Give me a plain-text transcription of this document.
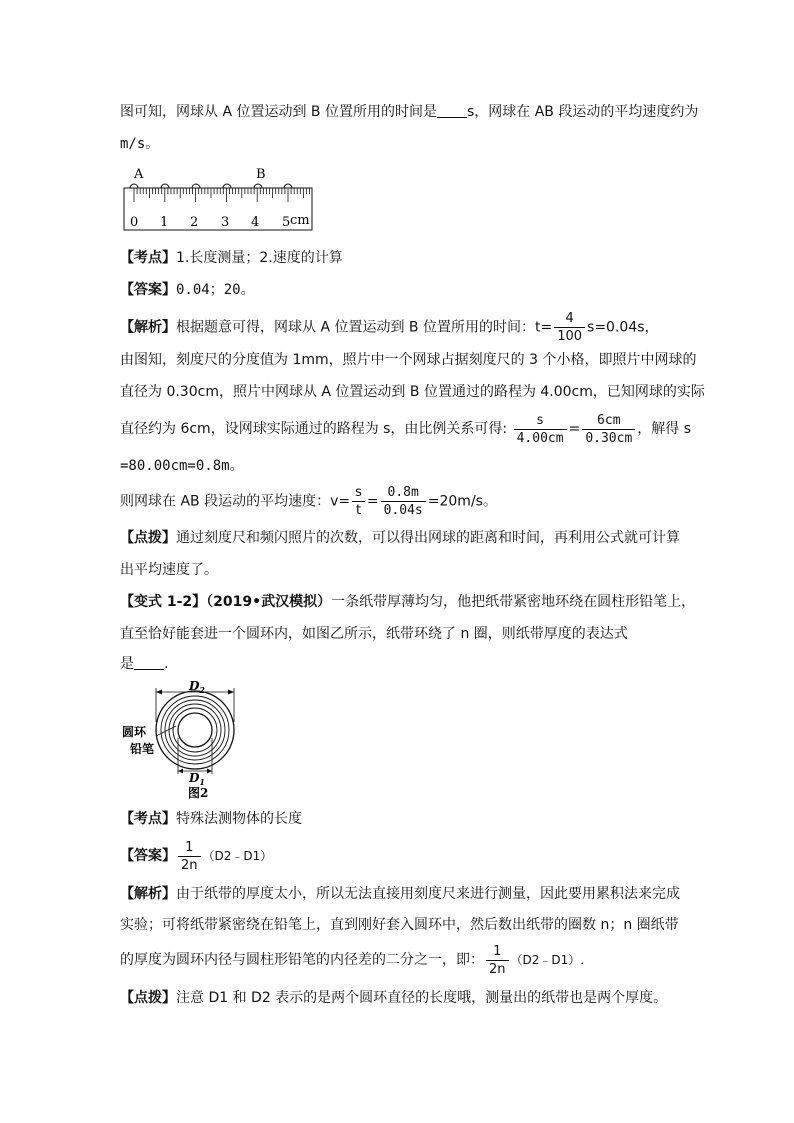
图可知，网球从 A 位置运动到 B 位置所用的时间是 s，网球在 AB 段运动的平均速度约为
m/s。
A	B
0 1 2 3 4 5 cm
【考点】1.长度测量；2.速度的计算
【答案】0.04；20。
【解析】根据题意可得，网球从 A 位置运动到 B 位置所用的时间：$t= \frac{4}{100} s=0.04s$，
由图知，刻度尺的分度值为 1mm，照片中一个网球占据刻度尺的 3 个小格，即照片中网球的
直径为 0.30cm，照片中网球从 A 位置运动到 B 位置通过的路程为 4.00cm，已知网球的实际
直径约为 6cm，设网球实际通过的路程为 s，由比例关系可得: $\frac{s}{4.00cm} = \frac{6cm}{0.30cm}$ ，解得 s
=80.00cm=0.8m。
则网球在 AB 段运动的平均速度：$v= \frac{s}{t} = \frac{0.8m}{0.04s} =20m/s$。
【点拨】通过刻度尺和频闪照片的次数，可以得出网球的距离和时间，再利用公式就可计算
出平均速度了。
【变式 1-2】（2019•武汉模拟）一条纸带厚薄均匀，他把纸带紧密地环绕在圆柱形铅笔上，
直至恰好能套进一个圆环内，如图乙所示，纸带环绕了 n 圈，则纸带厚度的表达式
是 .
$D_2$
圆环
铅笔
$D_1$
图2
【考点】特殊法测物体的长度
【答案】 $\frac{1}{2n}$ （D2﹣D1）
【解析】由于纸带的厚度太小，所以无法直接用刻度尺来进行测量，因此要用累积法来完成
实验；可将纸带紧密绕在铅笔上，直到刚好套入圆环中，然后数出纸带的圈数 n；n 圈纸带
的厚度为圆环内径与圆柱形铅笔的内径差的二分之一，即： $\frac{1}{2n}$ （D2﹣D1）.
【点拨】注意 D1 和 D2 表示的是两个圆环直径的长度哦，测量出的纸带也是两个厚度。
